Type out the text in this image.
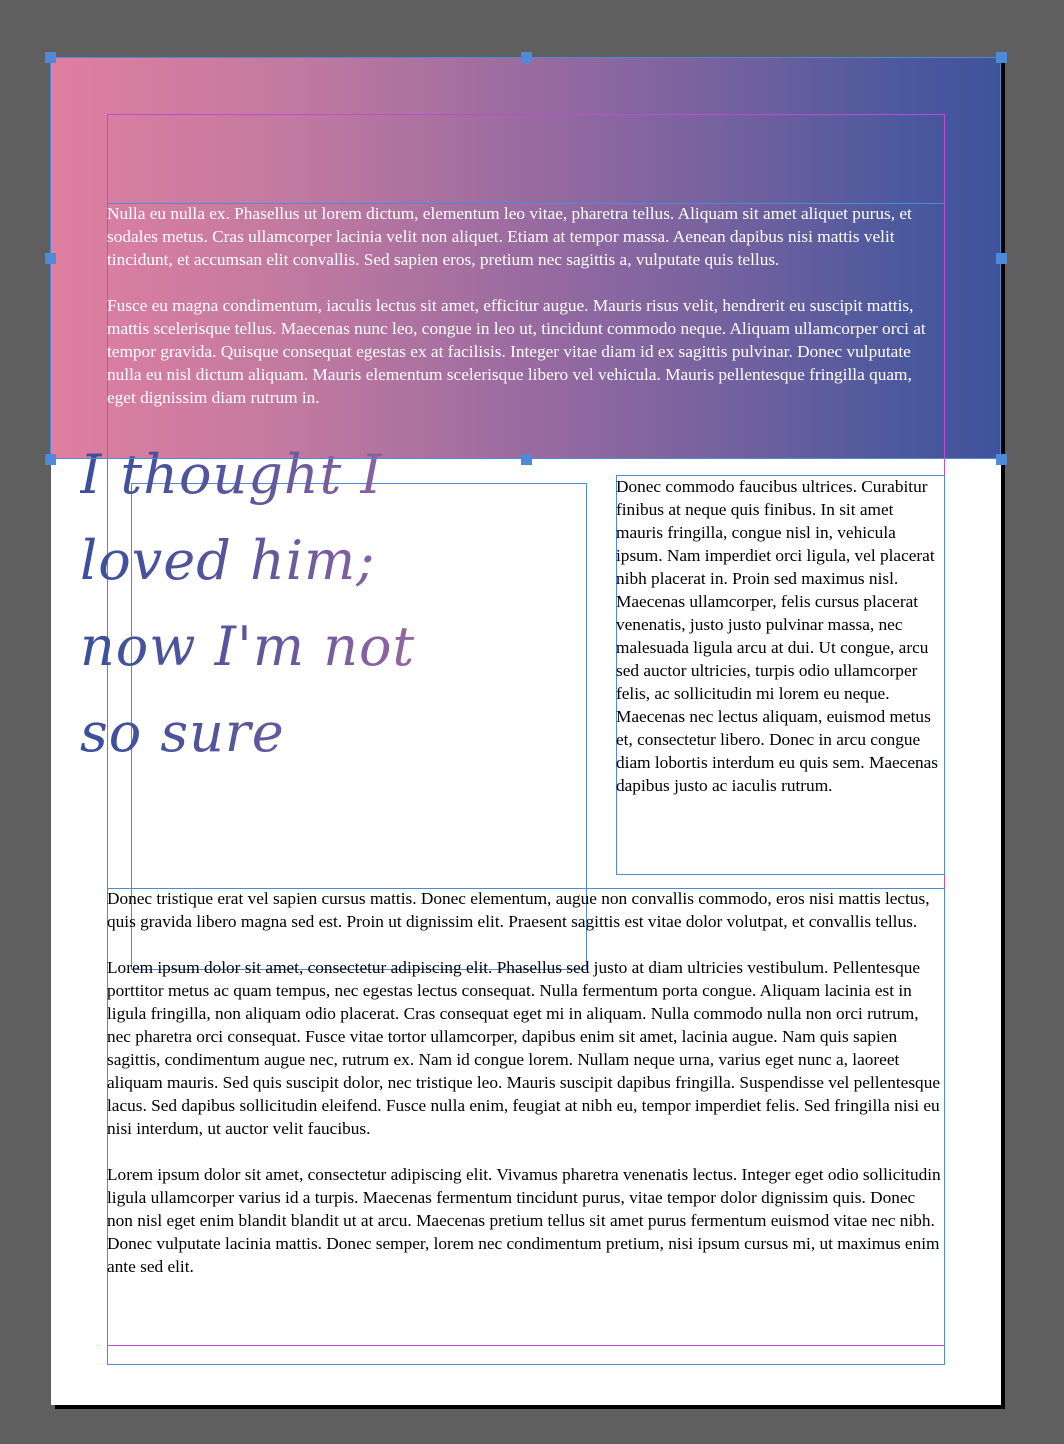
Nulla eu nulla ex. Phasellus ut lorem dictum, elementum leo vitae, pharetra tellus. Aliquam sit amet aliquet purus, et sodales metus. Cras ullamcorper lacinia velit non aliquet. Etiam at tempor massa. Aenean dapibus nisi mattis velit tincidunt, et accumsan elit convallis. Sed sapien eros, pretium nec sagittis a, vulputate quis tellus.

Fusce eu magna condimentum, iaculis lectus sit amet, efficitur augue. Mauris risus velit, hendrerit eu suscipit mattis, mattis scelerisque tellus. Maecenas nunc leo, congue in leo ut, tincidunt commodo neque. Aliquam ullamcorper orci at tempor gravida. Quisque consequat egestas ex at facilisis. Integer vitae diam id ex sagittis pulvinar. Donec vulputate nulla eu nisl dictum aliquam. Mauris elementum scelerisque libero vel vehicula. Mauris pellentesque fringilla quam, eget dignissim diam rutrum in.

I thought I
loved him;
now I'm not
so sure

Donec commodo faucibus ultrices. Curabitur finibus at neque quis finibus. In sit amet mauris fringilla, congue nisl in, vehicula ipsum. Nam imperdiet orci ligula, vel placerat nibh placerat in. Proin sed maximus nisl. Maecenas ullamcorper, felis cursus placerat venenatis, justo justo pulvinar massa, nec malesuada ligula arcu at dui. Ut congue, arcu sed auctor ultricies, turpis odio ullamcorper felis, ac sollicitudin mi lorem eu neque. Maecenas nec lectus aliquam, euismod metus et, consectetur libero. Donec in arcu congue diam lobortis interdum eu quis sem. Maecenas dapibus justo ac iaculis rutrum.

Donec tristique erat vel sapien cursus mattis. Donec elementum, augue non convallis commodo, eros nisi mattis lectus, quis gravida libero magna sed est. Proin ut dignissim elit. Praesent sagittis est vitae dolor volutpat, et convallis tellus.

Lorem ipsum dolor sit amet, consectetur adipiscing elit. Phasellus sed justo at diam ultricies vestibulum. Pellentesque porttitor metus ac quam tempus, nec egestas lectus consequat. Nulla fermentum porta congue. Aliquam lacinia est in ligula fringilla, non aliquam odio placerat. Cras consequat eget mi in aliquam. Nulla commodo nulla non orci rutrum, nec pharetra orci consequat. Fusce vitae tortor ullamcorper, dapibus enim sit amet, lacinia augue. Nam quis sapien sagittis, condimentum augue nec, rutrum ex. Nam id congue lorem. Nullam neque urna, varius eget nunc a, laoreet aliquam mauris. Sed quis suscipit dolor, nec tristique leo. Mauris suscipit dapibus fringilla. Suspendisse vel pellentesque lacus. Sed dapibus sollicitudin eleifend. Fusce nulla enim, feugiat at nibh eu, tempor imperdiet felis. Sed fringilla nisi eu nisi interdum, ut auctor velit faucibus.

Lorem ipsum dolor sit amet, consectetur adipiscing elit. Vivamus pharetra venenatis lectus. Integer eget odio sollicitudin ligula ullamcorper varius id a turpis. Maecenas fermentum tincidunt purus, vitae tempor dolor dignissim quis. Donec non nisl eget enim blandit blandit ut at arcu. Maecenas pretium tellus sit amet purus fermentum euismod vitae nec nibh. Donec vulputate lacinia mattis. Donec semper, lorem nec condimentum pretium, nisi ipsum cursus mi, ut maximus enim ante sed elit.
